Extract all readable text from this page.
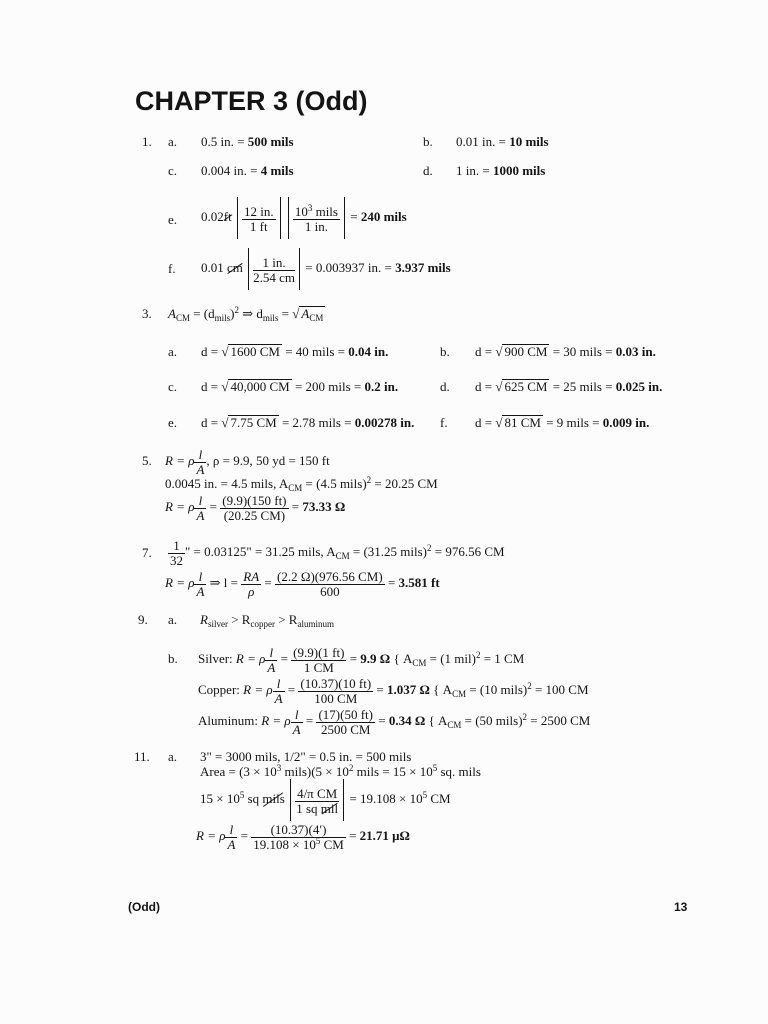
CHAPTER 3 (Odd)
1. a. 0.5 in. = 500 mils	b. 0.01 in. = 10 mils
c. 0.004 in. = 4 mils	d. 1 in. = 1000 mils
e. $0.02ft \frac{12 in.}{1 ft}$
$10^3$ mils
1 in.
= 240 mils
f. 0.01 cm $\frac{1 in.}{2.54 cm} = 0.003937$ in. = 3.937 mils
3. $A_{CM} = (d_{mils})^2$ ⇒ $d_{mils}$ = √ $A_{CM}$
a. d = √ 1600 CM = 40 mils = 0.04 in.	b. d = √ 900 CM = 30 mils = 0.03 in.
c. d = √ 40,000 CM = 200 mils = 0.2 in.	d. d = √ 625 CM = 25 mils = 0.025 in.
e. d = √ 7.75 CM = 2.78 mils = 0.00278 in. f. d = √ 81 CM = 9 mils = 0.009 in.
5. R = ρ $\frac{l}{A}$ , ρ = 9.9, 50 yd = 150 ft
0.0045 in. = 4.5 mils, $A_{CM} = (4.5$ mils)$^2$ = 20.25 CM
R = ρ $\frac{l}{A} = \frac{(9.9)(150 ft)}{(20.25 CM)} = 73.33$ Ω
7. $\frac{1}{32}$ " = 0.03125" = 31.25 mils, $A_{CM} = (31.25$ mils)$^2$ = 976.56 CM
R = ρ $\frac{l}{A}$ ⇒ $l = \frac{RA}{\rho} = \frac{(2.2 \Omega)(976.56 CM)}{600} = 3.581$ ft
9. a. $R_{silver} > R_{copper} > R_{aluminum}$
b. Silver: R = ρ $\frac{l}{A} = \frac{(9.9)(1 ft)}{1 CM} = 9.9$ Ω { $A_{CM} = (1$ mil)$^2$ = 1 CM
Copper: R = ρ $\frac{l}{A} = \frac{(10.37)(10 ft)}{100 CM} = 1.037$ Ω { $A_{CM} = (10$ mils)$^2$ = 100 CM
Aluminum: R = ρ $\frac{l}{A} = \frac{(17)(50 ft)}{2500 CM} = 0.34$ Ω { $A_{CM} = (50$ mils)$^2$ = 2500 CM
11. a. 3" = 3000 mils, 1/2" = 0.5 in. = 500 mils
Area = ($3 \times 10^3$ mils)(5 × $10^2$ mils = $15 \times 10^5$ sq. mils
$15 \times 10^5$ sq mils 4/π CM
1 sq mil
= $19.108 \times 10^5$ CM
R = ρ $\frac{l}{A} = \frac{(10.37)(4')}{19.108 \times 10^5 CM} = 21.71$ μΩ
(Odd)	13
